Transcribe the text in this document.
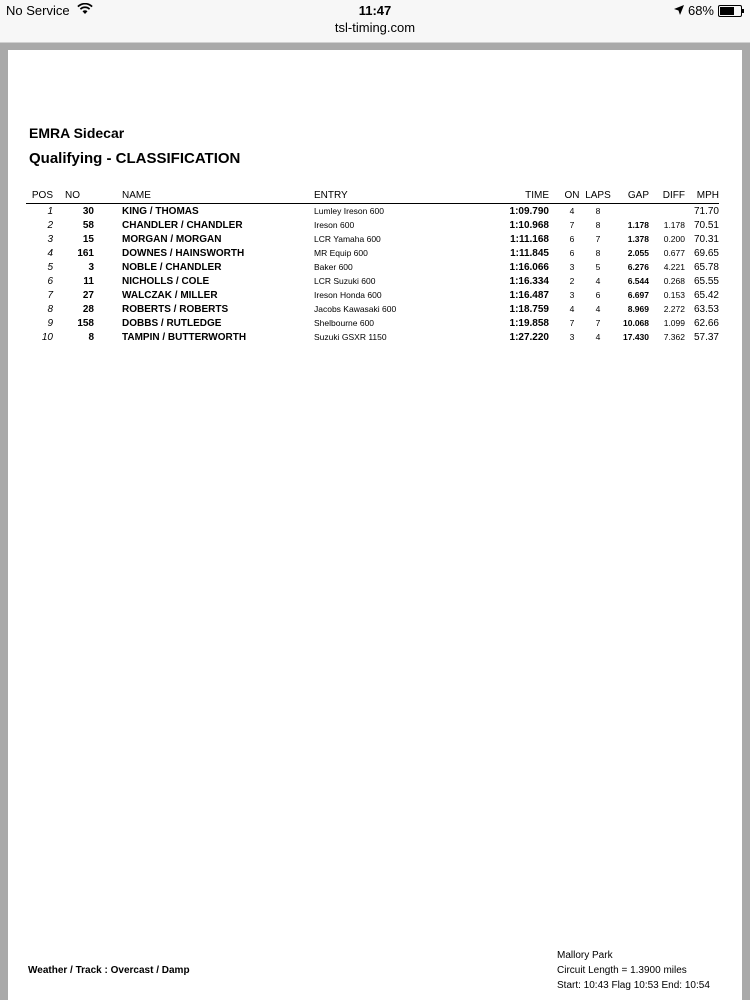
No Service	11:47
tsl-timing.com
68%
EMRA Sidecar
Qualifying - CLASSIFICATION
POS	NO	NAME	ENTRY	TIME	ON	LAPS	GAP	DIFF	MPH
1	30	KING / THOMAS	Lumley Ireson 600	1:09.790	4	8			71.70
2	58	CHANDLER / CHANDLER	Ireson 600	1:10.968	7	8	1.178	1.178	70.51
3	15	MORGAN / MORGAN	LCR Yamaha 600	1:11.168	6	7	1.378	0.200	70.31
4	161	DOWNES / HAINSWORTH	MR Equip 600	1:11.845	6	8	2.055	0.677	69.65
5	3	NOBLE / CHANDLER	Baker 600	1:16.066	3	5	6.276	4.221	65.78
6	11	NICHOLLS / COLE	LCR Suzuki 600	1:16.334	2	4	6.544	0.268	65.55
7	27	WALCZAK / MILLER	Ireson Honda 600	1:16.487	3	6	6.697	0.153	65.42
8	28	ROBERTS / ROBERTS	Jacobs Kawasaki 600	1:18.759	4	4	8.969	2.272	63.53
9	158	DOBBS / RUTLEDGE	Shelbourne 600	1:19.858	7	7	10.068	1.099	62.66
10	8	TAMPIN / BUTTERWORTH	Suzuki GSXR 1150	1:27.220	3	4	17.430	7.362	57.37
Weather / Track : Overcast / Damp
Mallory Park
Circuit Length = 1.3900 miles
Start: 10:43 Flag 10:53 End: 10:54
